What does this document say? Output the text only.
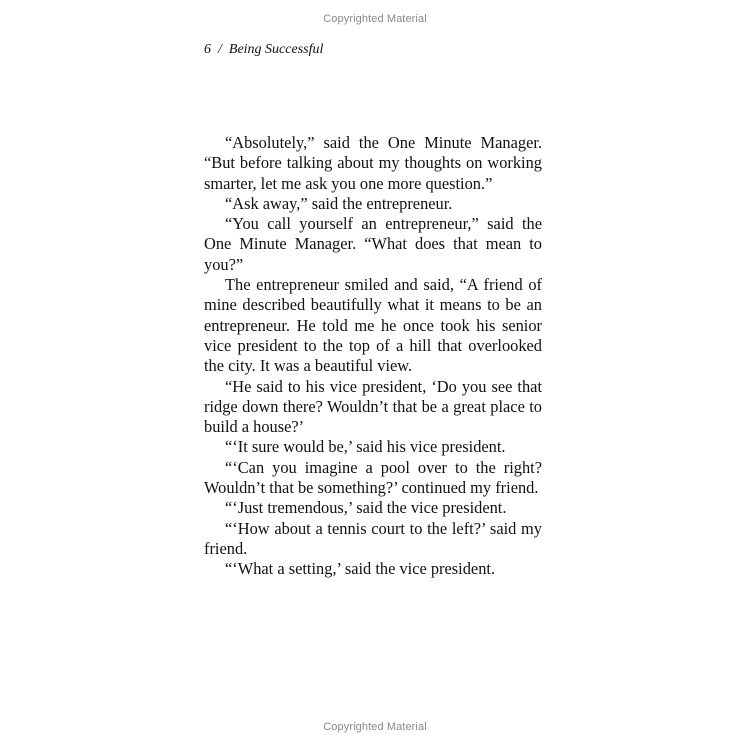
Copyrighted Material
6 / Being Successful

“Absolutely,” said the One Minute Manager. “But before talking about my thoughts on working smarter, let me ask you one more question.”

“Ask away,” said the entrepreneur.

“You call yourself an entrepreneur,” said the One Minute Manager. “What does that mean to you?”

The entrepreneur smiled and said, “A friend of mine described beautifully what it means to be an entrepreneur. He told me he once took his senior vice president to the top of a hill that overlooked the city. It was a beautiful view.

“He said to his vice president, ‘Do you see that ridge down there? Wouldn’t that be a great place to build a house?’

“‘It sure would be,’ said his vice president.

“‘Can you imagine a pool over to the right? Wouldn’t that be something?’ continued my friend.

“‘Just tremendous,’ said the vice president.

“‘How about a tennis court to the left?’ said my friend.

“‘What a setting,’ said the vice president.

Copyrighted Material
